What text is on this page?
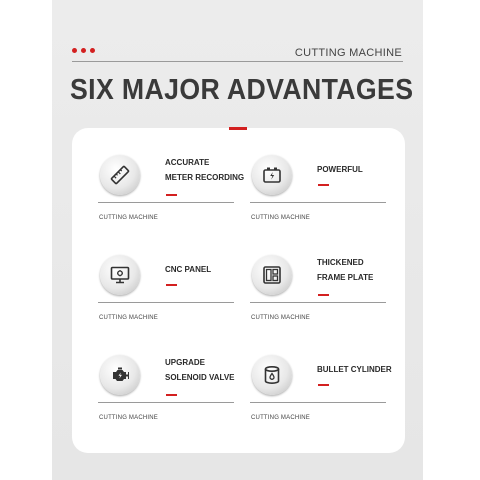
CUTTING MACHINE
SIX MAJOR ADVANTAGES
ACCURATE
METER RECORDING
CUTTING MACHINE
POWERFUL
CUTTING MACHINE
CNC PANEL
CUTTING MACHINE
THICKENED
FRAME PLATE
CUTTING MACHINE
UPGRADE
SOLENOID VALVE
CUTTING MACHINE
BULLET CYLINDER
CUTTING MACHINE
